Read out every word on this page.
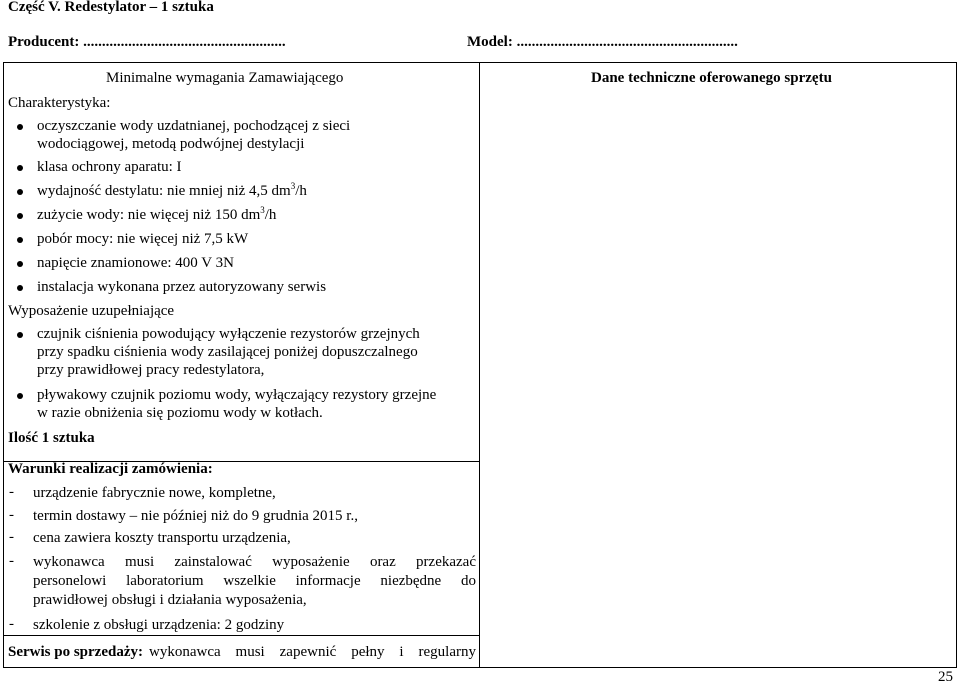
Część V. Redestylator – 1 sztuka
Producent: ......................................................	Model: ...........................................................
Minimalne wymagania Zamawiającego	Dane techniczne oferowanego sprzętu
Charakterystyka:
oczyszczanie wody uzdatnianej, pochodzącej z sieci
wodociągowej, metodą podwójnej destylacji
klasa ochrony aparatu: I
wydajność destylatu: nie mniej niż 4,5 $dm^3/h$
zużycie wody: nie więcej niż 150 $dm^3/h$
pobór mocy: nie więcej niż 7,5 kW
napięcie znamionowe: 400 V 3N
instalacja wykonana przez autoryzowany serwis
Wyposażenie uzupełniające
czujnik ciśnienia powodujący wyłączenie rezystorów grzejnych
przy spadku ciśnienia wody zasilającej poniżej dopuszczalnego
przy prawidłowej pracy redestylatora,
pływakowy czujnik poziomu wody, wyłączający rezystory grzejne
w razie obniżenia się poziomu wody w kotłach.
Ilość 1 sztuka
Warunki realizacji zamówienia:
- urządzenie fabrycznie nowe, kompletne,
- termin dostawy – nie później niż do 9 grudnia 2015 r.,
- cena zawiera koszty transportu urządzenia,
- wykonawca musi zainstalować wyposażenie oraz przekazać
personelowi laboratorium wszelkie informacje niezbędne do
prawidłowej obsługi i działania wyposażenia,
- szkolenie z obsługi urządzenia: 2 godziny
Serwis po sprzedaży: wykonawca musi zapewnić pełny i regularny
25
